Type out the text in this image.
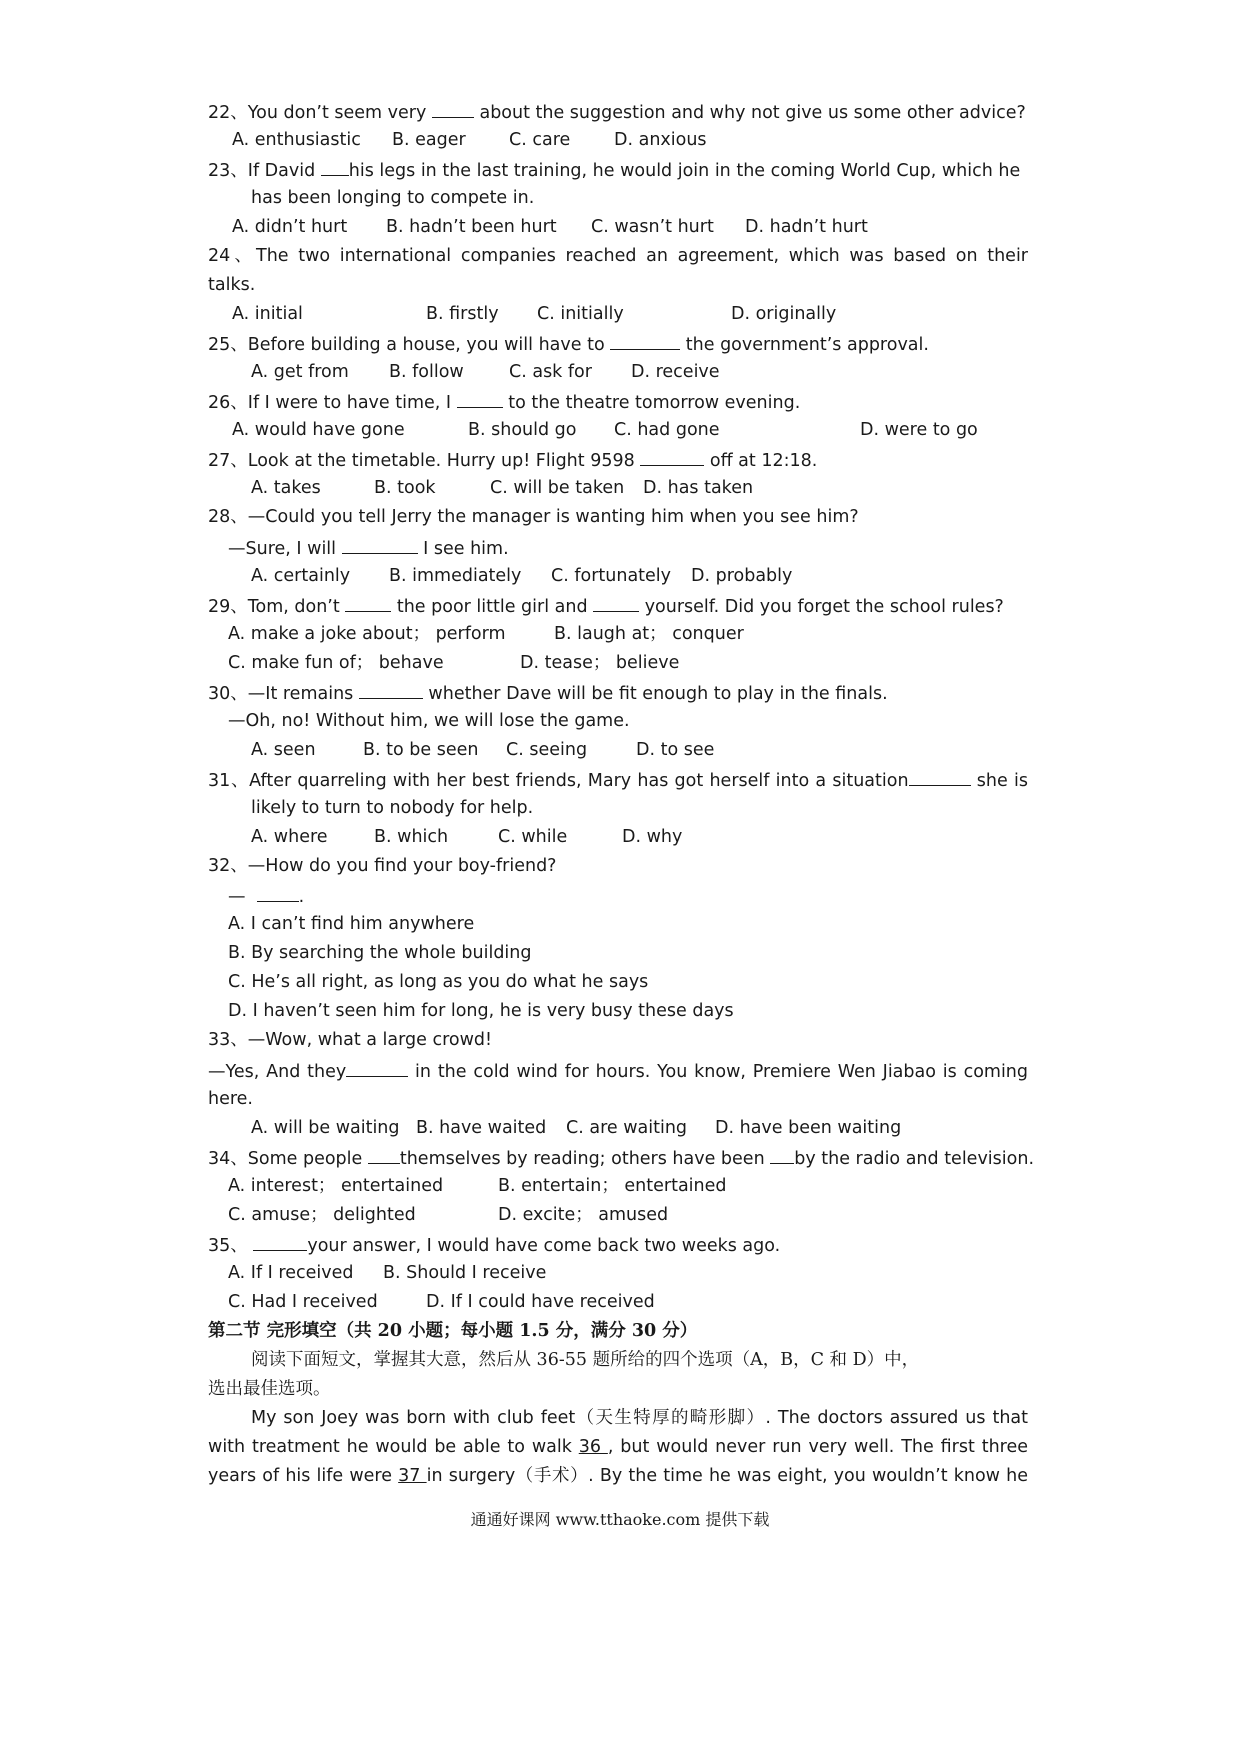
22、You don’t seem very  about the suggestion and why not give us some other advice?
A. enthusiastic B. eager C. care D. anxious
23、If David his legs in the last training, he would join in the coming World Cup, which he
has been longing to compete in.
A. didn’t hurt B. hadn’t been hurt C. wasn’t hurt D. hadn’t hurt
24、The two international companies reached an agreement, which was based on their
talks.
A. initial	B. firstly C. initially	D. originally
25、Before building a house, you will have to	the government’s approval.
A. get from B. follow	C. ask for D. receive
26、If I were to have time, I	to the theatre tomorrow evening.
A. would have gone	B. should go C. had gone	D. were to go
27、Look at the timetable. Hurry up! Flight 9598	off at 12:18.
A. takes	B. took	C. will be taken D. has taken
28、—Could you tell Jerry the manager is wanting him when you see him?
—Sure, I will	I see him.
A. certainly B. immediately C. fortunately D. probably
29、Tom, don’t	the poor little girl and	yourself. Did you forget the school rules?
A. make a joke about； perform	B. laugh at； conquer
C. make fun of； behave	D. tease； believe
30、—It remains	whether Dave will be fit enough to play in the finals.
—Oh, no! Without him, we will lose the game.
A. seen	B. to be seen C. seeing	D. to see
31、After quarreling with her best friends, Mary has got herself into a situation	she is
likely to turn to nobody for help.
A. where	B. which	C. while	D. why
32、—How do you find your boy-friend?
—	.
A. I can’t find him anywhere
B. By searching the whole building
C. He’s all right, as long as you do what he says
D. I haven’t seen him for long, he is very busy these days
33、—Wow, what a large crowd!
—Yes, And they	in the cold wind for hours. You know, Premiere Wen Jiabao is coming
here.
A. will be waiting B. have waited C. are waiting D. have been waiting
34、Some people themselves by reading; others have been by the radio and television.
A. interest； entertained	B. entertain； entertained
C. amuse； delighted	D. excite； amused
35、	your answer, I would have come back two weeks ago.
A. If I received B. Should I receive
C. Had I received	D. If I could have received
第二节 完形填空（共 20 小题；每小题 1.5 分，满分 30 分）
阅读下面短文，掌握其大意，然后从 36-55 题所给的四个选项（A，B，C 和 D）中，
选出最佳选项。
My son Joey was born with club feet（天生特厚的畸形脚）. The doctors assured us that
with treatment he would be able to walk 36 , but would never run very well. The first three
years of his life were 37 in surgery（手术）. By the time he was eight, you wouldn’t know he
通通好课网 www.tthaoke.com 提供下载
